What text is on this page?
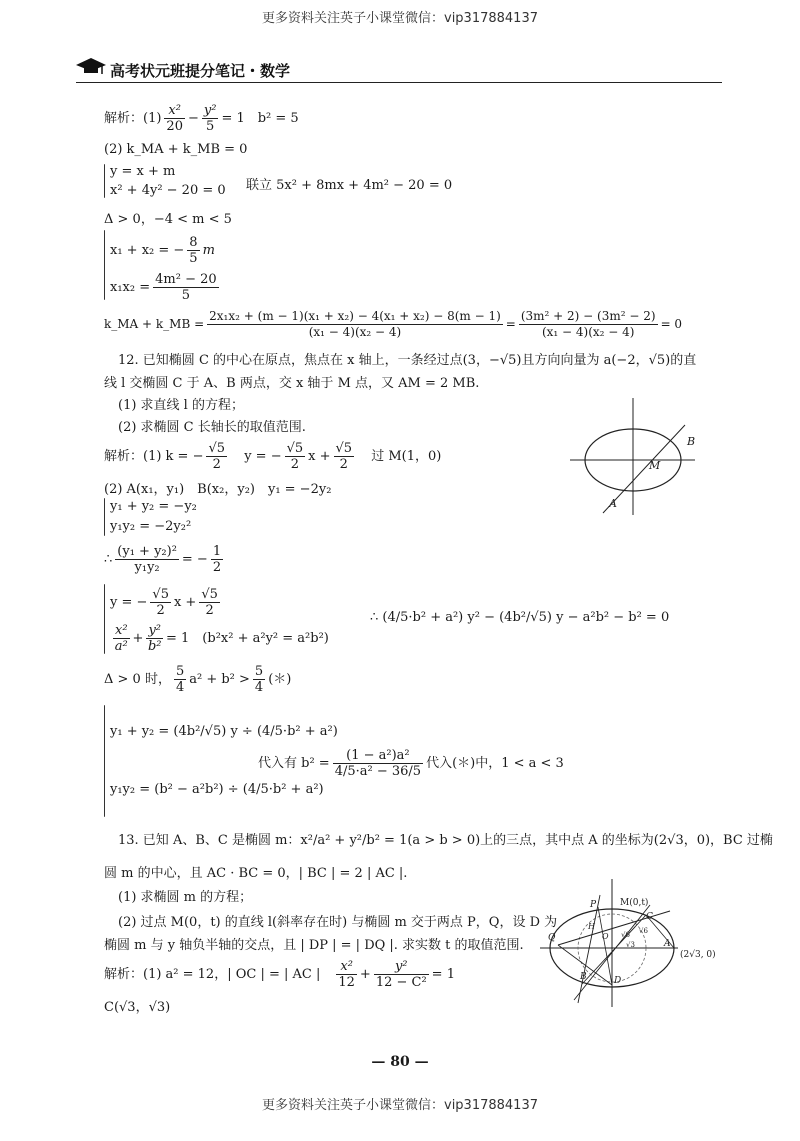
更多资料关注英子小课堂微信：vip317884137
高考状元班提分笔记・数学
解析：$(1) \frac{\text{x²}}{20} - \frac{\text{y²}}{5} = 1$　b² = 5
(2) k_MA + k_MB = 0
y = x + m
x² + 4y² − 20 = 0 联立 5x² + 8mx + 4m² − 20 = 0
Δ > 0，−4 < m < 5
x₁ + x₂ = − $\frac{8}{5}$ m
$x_1x_2 = \frac{\text{4m² − 20}}{5}$
k_MA + k_MB = $\frac{\text{2x₁x₂ + (m − 1)(x₁ + x₂) − 4(x₁ + x₂) − 8(m − 1)}}{\text{(x₁ − 4)(x₂ − 4)}} = \frac{\text{(3m² + 2) − (3m² − 2)}}{\text{(x₁ − 4)(x₂ − 4)}} = 0$
12. 已知椭圆 C 的中心在原点，焦点在 x 轴上，一条经过点(3，−√5)且方向向量为 a(−2，√5)的直
线 l 交椭圆 C 于 A、B 两点，交 x 轴于 M 点，又 AM = 2 MB.
(1) 求直线 l 的方程；
(2) 求椭圆 C 长轴长的取值范围.
解析：(1) k = − $\frac{√5}{2}$ y = − $\frac{√5}{2}$ $x + \frac{√5}{2}$ 过 M(1，0)
(2) A(x₁，y₁)　B(x₂，y₂)　y₁ = −2y₂
y₁ + y₂ = −y₂
y₁y₂ = −2y₂²
∴ $\frac{\text{(y₁ + y₂)²}}{\text{y₁y₂}}$ = − $\frac{1}{2}$
y = − $\frac{√5}{2}$ $x + \frac{√5}{2}$
$\frac{\text{x²}}{\text{a²}} + \frac{\text{y²}}{\text{b²}} = 1$　(b²x² + a²y² = a²b²)
∴ (4/5·b² + a²) y² − (4b²/√5) y − a²b² − b² = 0
Δ > 0 时， $\frac{5}{4} a^2 + b^2 > \frac{5}{4}$ (＊)
y₁ + y₂ = (4b²/√5) y ÷ (4/5·b² + a²)
y₁y₂ = (b² − a²b²) ÷ (4/5·b² + a²)
代入有 $b^2 = \frac{\text{(1 − a²)a²}}{\text{4/5·a² − 36/5}}$ 代入(＊)中，1 < a < 3
B
M
A
13. 已知 A、B、C 是椭圆 m：x²/a² + y²/b² = 1(a > b > 0)上的三点，其中点 A 的坐标为(2√3，0)，BC 过椭
圆 m 的中心，且 AC · BC = 0，| BC | = 2 | AC |.
(1) 求椭圆 m 的方程；
(2) 过点 M(0，t) 的直线 l(斜率存在时) 与椭圆 m 交于两点 P，Q，设 D 为
椭圆 m 与 y 轴负半轴的交点，且 | DP | = | DQ |. 求实数 t 的取值范围.
解析：(1) a² = 12，| OC | = | AC |　 $\frac{\text{x²}}{12} + \frac{\text{y²}}{\text{12 − C²}} = 1$
C(√3，√3)
M(0,t)
P
C
Q
H
O √6 √6
√3	A
(2√3, 0)
B	D
— 80 —
更多资料关注英子小课堂微信：vip317884137
